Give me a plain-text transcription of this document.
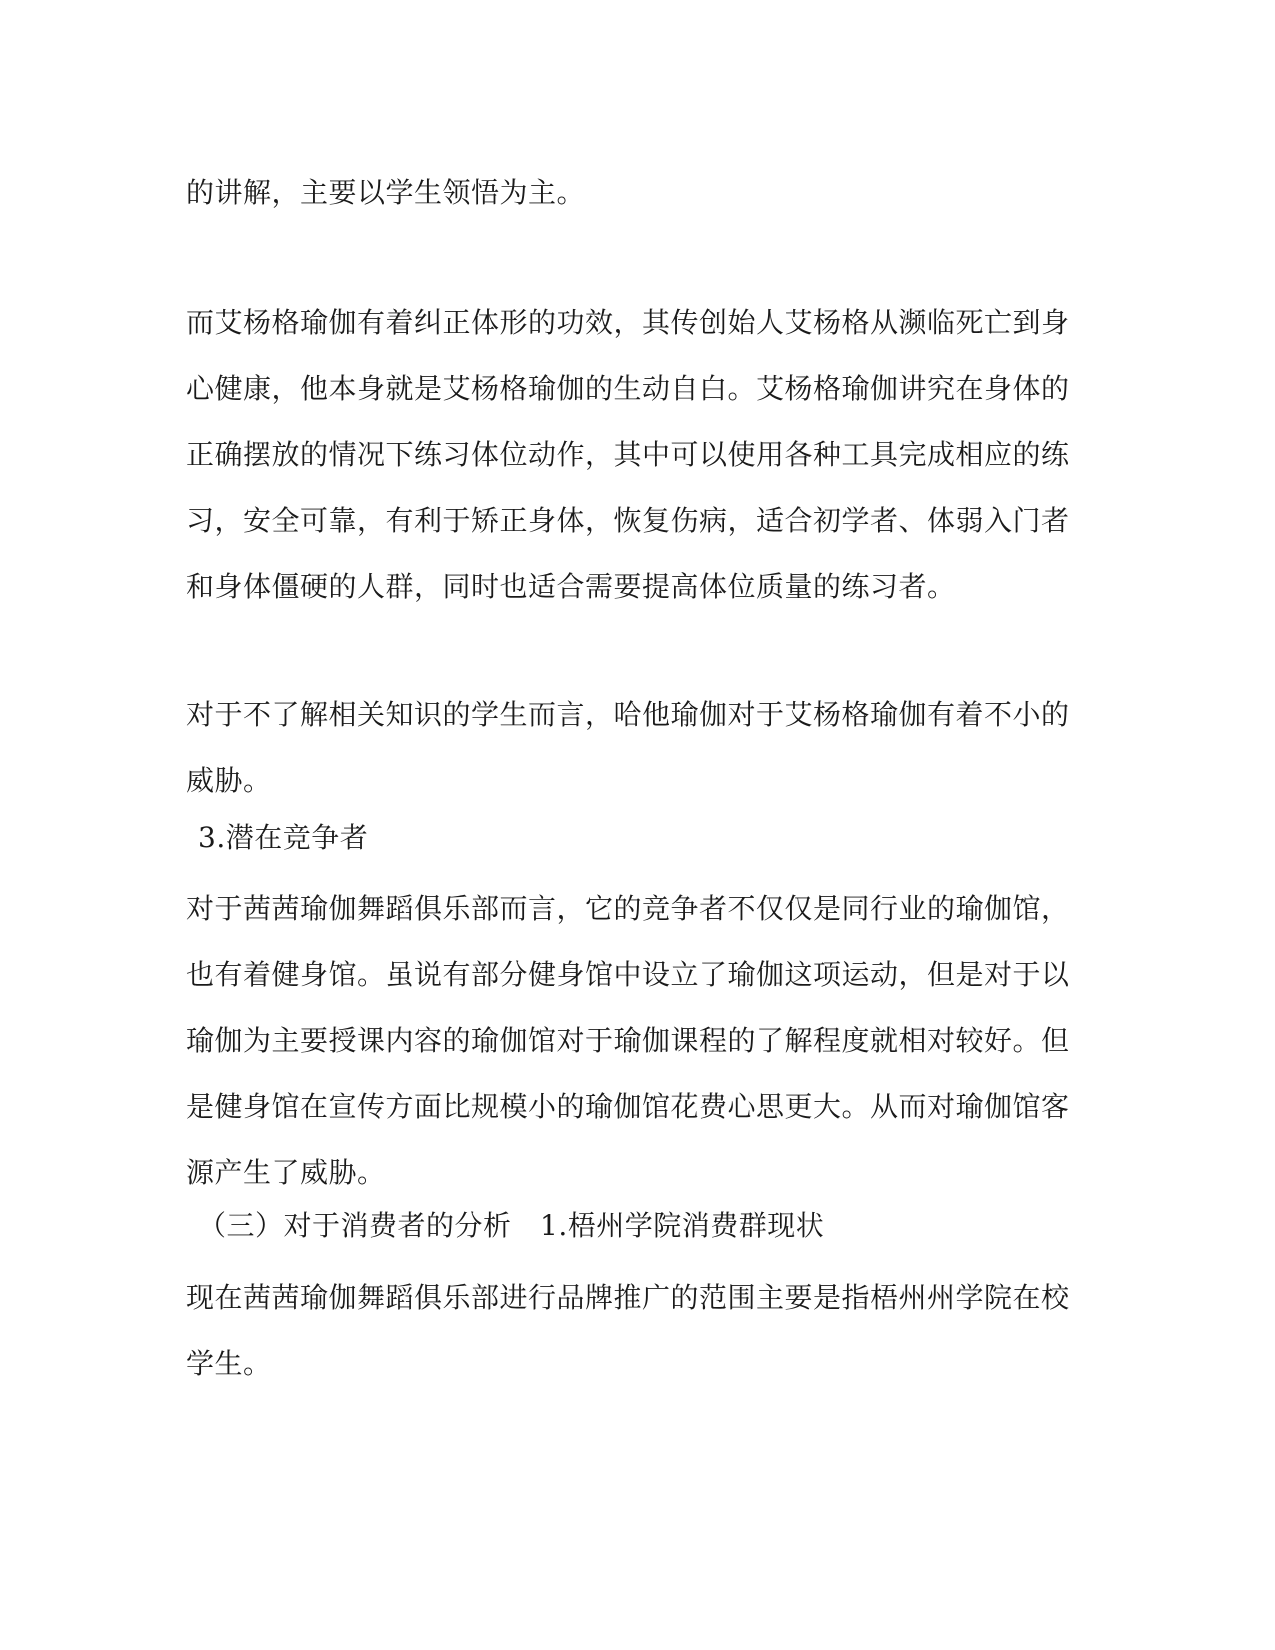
的讲解，主要以学生领悟为主。

而艾杨格瑜伽有着纠正体形的功效，其传创始人艾杨格从濒临死亡到身心健康，他本身就是艾杨格瑜伽的生动自白。艾杨格瑜伽讲究在身体的正确摆放的情况下练习体位动作，其中可以使用各种工具完成相应的练习，安全可靠，有利于矫正身体，恢复伤病，适合初学者、体弱入门者和身体僵硬的人群，同时也适合需要提高体位质量的练习者。

对于不了解相关知识的学生而言，哈他瑜伽对于艾杨格瑜伽有着不小的威胁。

3.潜在竞争者

对于茜茜瑜伽舞蹈俱乐部而言，它的竞争者不仅仅是同行业的瑜伽馆，也有着健身馆。虽说有部分健身馆中设立了瑜伽这项运动，但是对于以瑜伽为主要授课内容的瑜伽馆对于瑜伽课程的了解程度就相对较好。但是健身馆在宣传方面比规模小的瑜伽馆花费心思更大。从而对瑜伽馆客源产生了威胁。

（三）对于消费者的分析　1.梧州学院消费群现状

现在茜茜瑜伽舞蹈俱乐部进行品牌推广的范围主要是指梧州州学院在校学生。
